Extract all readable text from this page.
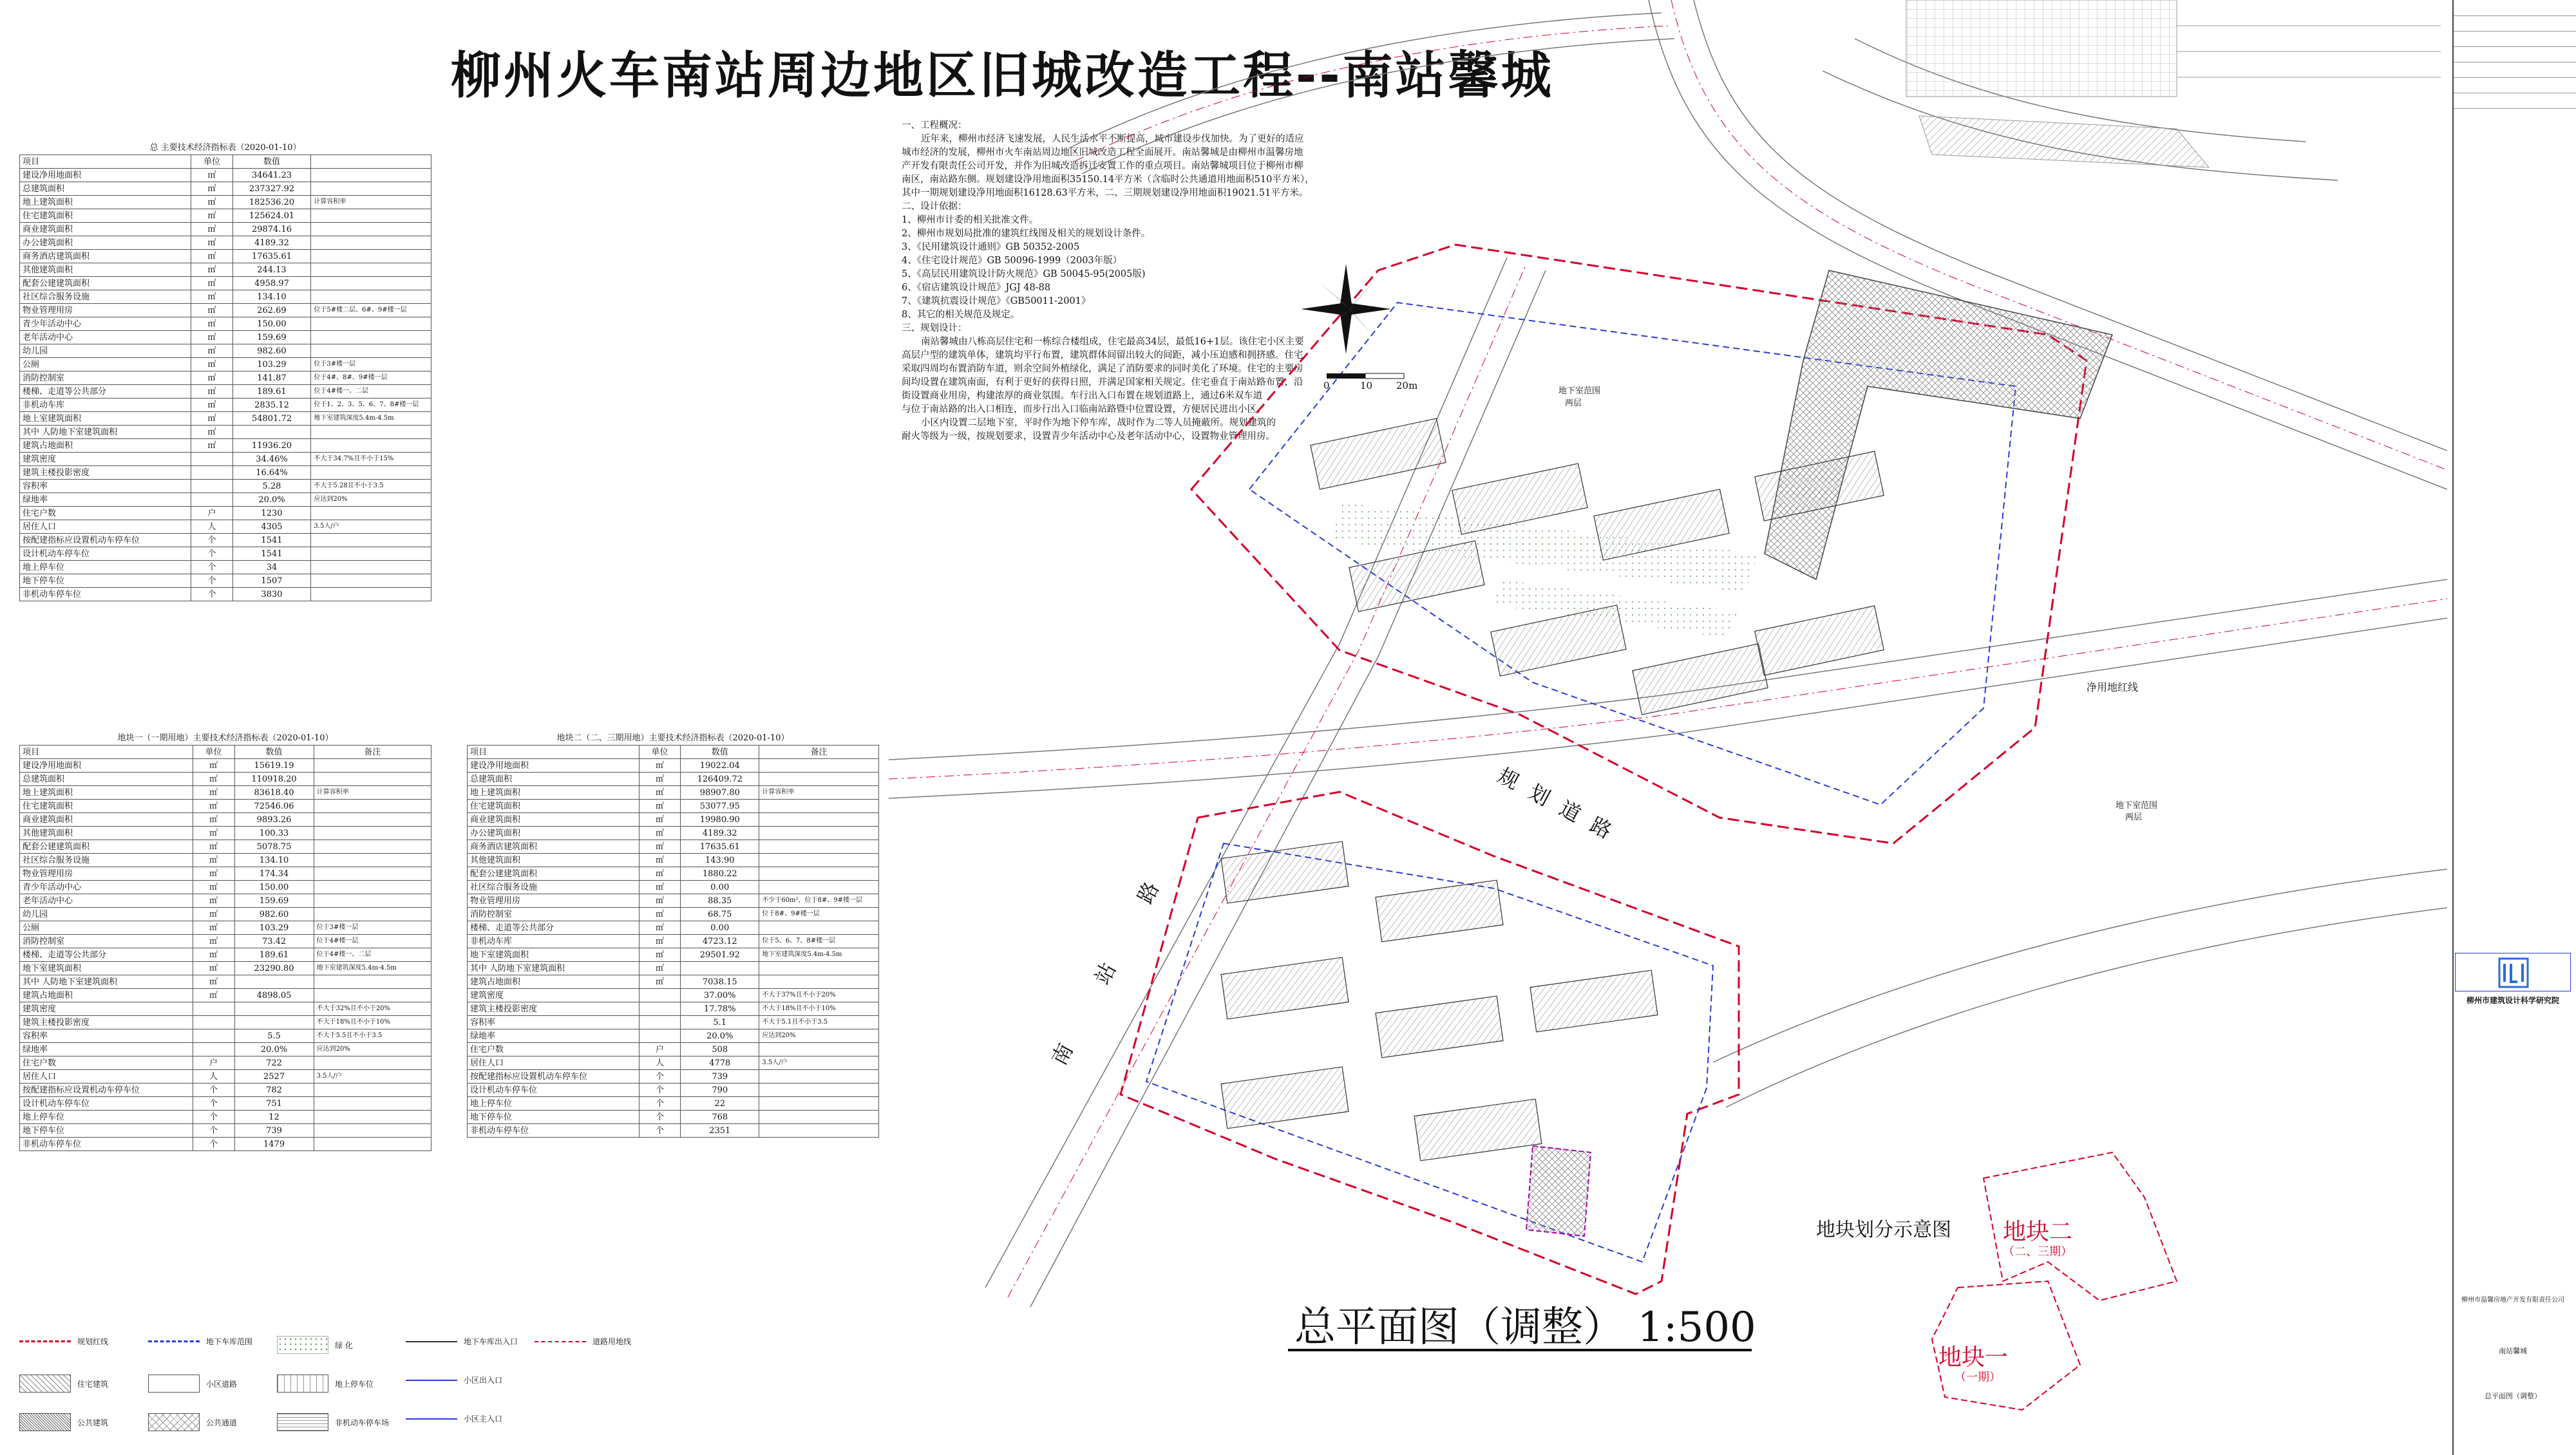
柳州火车南站周边地区旧城改造工程--南站馨城
总 主要技术经济指标表（2020-01-10）			
项目	单位	数值	
建设净用地面积	㎡	34641.23	
总建筑面积	㎡	237327.92	
地上建筑面积	㎡	182536.20	计算容积率
住宅建筑面积	㎡	125624.01	
商业建筑面积	㎡	29874.16	
办公建筑面积	㎡	4189.32	
商务酒店建筑面积	㎡	17635.61	
其他建筑面积	㎡	244.13	
配套公建建筑面积	㎡	4958.97	
社区综合服务设施	㎡	134.10	
物业管理用房	㎡	262.69	位于5#楼二层、6#、9#楼一层
青少年活动中心	㎡	150.00	
老年活动中心	㎡	159.69	
幼儿园	㎡	982.60	
公厕	㎡	103.29	位于3#楼一层
消防控制室	㎡	141.87	位于4#、8#、9#楼一层
楼梯、走道等公共部分	㎡	189.61	位于4#楼一、二层
非机动车库	㎡	2835.12	位于1、2、3、5、6、7、8#楼一层
地上室建筑面积	㎡	54801.72	地下室建筑深度5.4m-4.5m
其中 人防地下室建筑面积	㎡		
建筑占地面积	㎡	11936.20	
建筑密度		34.46%	不大于34.7%且不小于15%
建筑主楼投影密度		16.64%	
容积率		5.28	不大于5.28且不小于3.5
绿地率		20.0%	应达到20%
住宅户数	户	1230	
居住人口	人	4305	3.5人/户
按配建指标应设置机动车停车位	个	1541	
设计机动车停车位	个	1541	
地上停车位	个	34	
地下停车位	个	1507	
非机动车停车位	个	3830	
地块一（一期用地）主要技术经济指标表（2020-01-10）			
项目	单位	数值	备注
建设净用地面积	㎡	15619.19	
总建筑面积	㎡	110918.20	
地上建筑面积	㎡	83618.40	计算容积率
住宅建筑面积	㎡	72546.06	
商业建筑面积	㎡	9893.26	
其他建筑面积	㎡	100.33	
配套公建建筑面积	㎡	5078.75	
社区综合服务设施	㎡	134.10	
物业管理用房	㎡	174.34	
青少年活动中心	㎡	150.00	
老年活动中心	㎡	159.69	
幼儿园	㎡	982.60	
公厕	㎡	103.29	位于3#楼一层
消防控制室	㎡	73.42	位于4#楼一层
楼梯、走道等公共部分	㎡	189.61	位于4#楼一、二层
地下室建筑面积	㎡	23290.80	地下室建筑深度5.4m-4.5m
其中 人防地下室建筑面积	㎡		
建筑占地面积	㎡	4898.05	
建筑密度			不大于32%且不小于20%
建筑主楼投影密度			不大于18%且不小于10%
容积率		5.5	不大于5.5且不小于3.5
绿地率		20.0%	应达到20%
住宅户数	户	722	
居住人口	人	2527	3.5人/户
按配建指标应设置机动车停车位	个	782	
设计机动车停车位	个	751	
地上停车位	个	12	
地下停车位	个	739	
非机动车停车位	个	1479	
地块二（二、三期用地）主要技术经济指标表（2020-01-10）			
项目	单位	数值	备注
建设净用地面积	㎡	19022.04	
总建筑面积	㎡	126409.72	
地上建筑面积	㎡	98907.80	计算容积率
住宅建筑面积	㎡	53077.95	
商业建筑面积	㎡	19980.90	
办公建筑面积	㎡	4189.32	
商务酒店建筑面积	㎡	17635.61	
其他建筑面积	㎡	143.90	
配套公建建筑面积	㎡	1880.22	
社区综合服务设施	㎡	0.00	
物业管理用房	㎡	88.35	不少于60m²，位于8#、9#楼一层
消防控制室	㎡	68.75	位于8#、9#楼一层
楼梯、走道等公共部分	㎡	0.00	
非机动车库	㎡	4723.12	位于5、6、7、8#楼一层
地下室建筑面积	㎡	29501.92	地下室建筑深度5.4m-4.5m
其中 人防地下室建筑面积	㎡		
建筑占地面积	㎡	7038.15	
建筑密度		37.00%	不大于37%且不小于20%
建筑主楼投影密度		17.78%	不大于18%且不小于10%
容积率		5.1	不大于5.1且不小于3.5
绿地率		20.0%	应达到20%
住宅户数	户	508	
居住人口	人	4778	3.5人/户
按配建指标应设置机动车停车位	个	739	
设计机动车停车位	个	790	
地上停车位	个	22	
地下停车位	个	768	
非机动车停车位	个	2351	

一、工程概况：

近年来，柳州市经济飞速发展，人民生活水平不断提高，城市建设步伐加快。为了更好的适应

城市经济的发展，柳州市火车南站周边地区旧城改造工程全面展开。南站馨城是由柳州市温馨房地

产开发有限责任公司开发，并作为旧城改造拆迁安置工作的重点项目。南站馨城项目位于柳州市柳

南区，南站路东侧。规划建设净用地面积35150.14平方米（含临时公共通道用地面积510平方米），

其中一期规划建设净用地面积16128.63平方米，二、三期规划建设净用地面积19021.51平方米。

二、设计依据：

1、柳州市计委的相关批准文件。

2、柳州市规划局批准的建筑红线图及相关的规划设计条件。

3、《民用建筑设计通则》GB 50352-2005

4、《住宅设计规范》GB 50096-1999（2003年版）

5、《高层民用建筑设计防火规范》GB 50045-95(2005版)

6、《宿店建筑设计规范》JGJ 48-88

7、《建筑抗震设计规范》《GB50011-2001》

8、其它的相关规范及规定。

三、规划设计：

南站馨城由八栋高层住宅和一栋综合楼组成，住宅最高34层，最低16+1层。该住宅小区主要

高层户型的建筑单体，建筑均平行布置，建筑群体间留出较大的间距，减小压迫感和拥挤感。住宅

采取四周均布置消防车道，则余空间外植绿化，满足了消防要求的同时美化了环境。住宅的主要房

间均设置在建筑南面，有利于更好的获得日照，并满足国家相关规定。住宅垂直于南站路布置，沿

街设置商业用房，构建浓厚的商业氛围。车行出入口布置在规划道路上，通过6米双车道

与位于南站路的出入口相连，而步行出入口临南站路暨中位置设置，方便居民进出小区。

小区内设置二层地下室，平时作为地下停车库，战时作为二等人员掩蔽所。规划建筑的

耐火等级为一级，按规划要求，设置青少年活动中心及老年活动中心，设置物业管理用房。

规 划 道 路
南 站 路
净用地红线
地下室范围
两层
地下室范围
两层
0	10 20m
地块划分示意图 地块二
（二、三期）
地块一
（一期）
总平面图（调整） 1:500
规划红线	地下车库范围	绿 化	地下车库出入口	道路用地线
住宅建筑	小区道路	地上停车位	小区出入口
公共建筑	公共通道	非机动车停车场	小区主入口
柳州市建筑设计科学研究院
柳州市温馨房地产开发有限责任公司
南站馨城
总平面图（调整）
